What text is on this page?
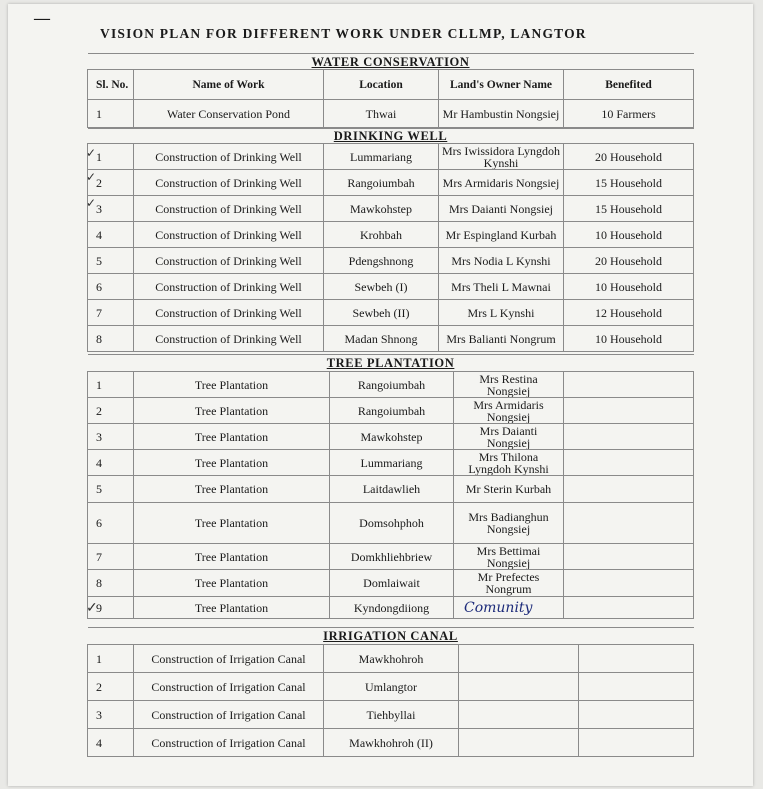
—
VISION PLAN FOR DIFFERENT WORK UNDER CLLMP, LANGTOR
WATER CONSERVATION				
Sl. No.	Name of Work	Location	Land's Owner Name	Benefited
1	Water Conservation Pond	Thwai	Mr Hambustin Nongsiej	10 Farmers
DRINKING WELL				
1	Construction of Drinking Well	Lummariang	Mrs Iwissidora Lyngdoh Kynshi	20 Household
2	Construction of Drinking Well	Rangoiumbah	Mrs Armidaris Nongsiej	15 Household
3	Construction of Drinking Well	Mawkohstep	Mrs Daianti Nongsiej	15 Household
4	Construction of Drinking Well	Krohbah	Mr Espingland Kurbah	10 Household
5	Construction of Drinking Well	Pdengshnong	Mrs Nodia L Kynshi	20 Household
6	Construction of Drinking Well	Sewbeh (I)	Mrs Theli L Mawnai	10 Household
7	Construction of Drinking Well	Sewbeh (II)	Mrs L Kynshi	12 Household
8	Construction of Drinking Well	Madan Shnong	Mrs Balianti Nongrum	10 Household
TREE PLANTATION				
1	Tree Plantation	Rangoiumbah	Mrs Restina Nongsiej	
2	Tree Plantation	Rangoiumbah	Mrs Armidaris Nongsiej	
3	Tree Plantation	Mawkohstep	Mrs Daianti Nongsiej	
4	Tree Plantation	Lummariang	Mrs Thilona Lyngdoh Kynshi	
5	Tree Plantation	Laitdawlieh	Mr Sterin Kurbah	
6	Tree Plantation	Domsohphoh	Mrs Badianghun Nongsiej	
7	Tree Plantation	Domkhliehbriew	Mrs Bettimai Nongsiej	
8	Tree Plantation	Domlaiwait	Mr Prefectes Nongrum	
9	Tree Plantation	Kyndongdiiong	Comunity	
IRRIGATION CANAL				
1	Construction of Irrigation Canal	Mawkhohroh		
2	Construction of Irrigation Canal	Umlangtor		
3	Construction of Irrigation Canal	Tiehbyllai		
4	Construction of Irrigation Canal	Mawkhohroh (II)		
✓
✓
✓
✓
